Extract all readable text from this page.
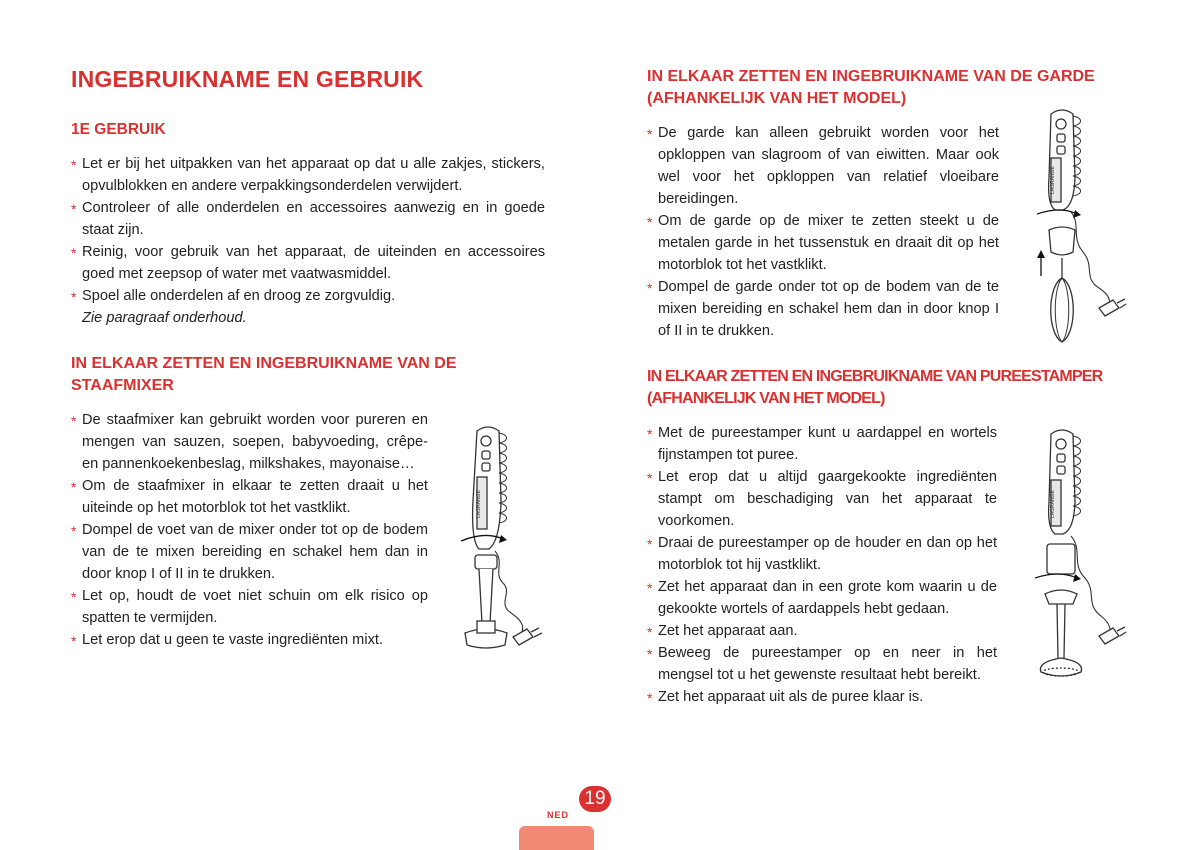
INGEBRUIKNAME EN GEBRUIK
1E GEBRUIK
* Let er bij het uitpakken van het apparaat op dat u alle zakjes, stickers, opvulblokken en andere verpakkingsonderdelen verwijdert.
* Controleer of alle onderdelen en accessoires aanwezig en in goede staat zijn.
* Reinig, voor gebruik van het apparaat, de uiteinden en accessoires goed met zeepsop of water met vaatwasmiddel.
* Spoel alle onderdelen af en droog ze zorgvuldig.
Zie paragraaf onderhoud.
IN ELKAAR ZETTEN EN INGEBRUIKNAME VAN DE STAAFMIXER
* De staafmixer kan gebruikt worden voor pureren en mengen van sauzen, soepen, babyvoeding, crêpe- en pannenkoekenbeslag, milkshakes, mayonaise…
* Om de staafmixer in elkaar te zetten draait u het uiteinde op het motorblok tot het vastklikt.
* Dompel de voet van de mixer onder tot op de bodem van de te mixen bereiding en schakel hem dan in door knop I of II in te drukken.
* Let op, houdt de voet niet schuin om elk risico op spatten te vermijden.
* Let erop dat u geen te vaste ingrediënten mixt.
LAGRANGE
IN ELKAAR ZETTEN EN INGEBRUIKNAME VAN DE GARDE (AFHANKELIJK VAN HET MODEL)
* De garde kan alleen gebruikt worden voor het opkloppen van slagroom of van eiwitten. Maar ook wel voor het opkloppen van relatief vloeibare bereidingen.
* Om de garde op de mixer te zetten steekt u de metalen garde in het tussenstuk en draait dit op het motorblok tot het vastklikt.
* Dompel de garde onder tot op de bodem van de te mixen bereiding en schakel hem dan in door knop I of II in te drukken.
LAGRANGE
IN ELKAAR ZETTEN EN INGEBRUIKNAME VAN PUREESTAMPER (AFHANKELIJK VAN HET MODEL)
* Met de pureestamper kunt u aardappel en wortels fijnstampen tot puree.
* Let erop dat u altijd gaargekookte ingrediënten stampt om beschadiging van het apparaat te voorkomen.
* Draai de pureestamper op de houder en dan op het motorblok tot hij vastklikt.
* Zet het apparaat dan in een grote kom waarin u de gekookte wortels of aardappels hebt gedaan.
* Zet het apparaat aan.
* Beweeg de pureestamper op en neer in het mengsel tot u het gewenste resultaat hebt bereikt.
* Zet het apparaat uit als de puree klaar is.
LAGRANGE
19
NED
